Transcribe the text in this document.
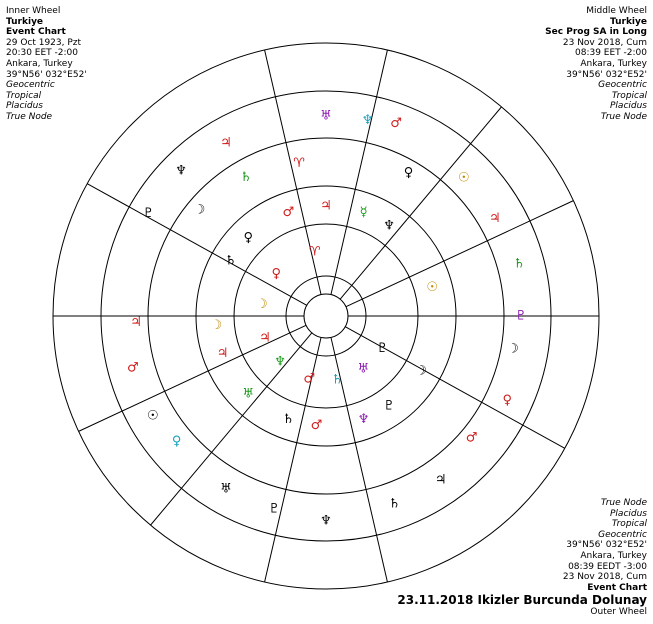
Inner Wheel
Turkiye
Event Chart
29 Oct 1923, Pzt
20:30 EET -2:00
Ankara, Turkey
39°N56' 032°E52'
Geocentric
Tropical
Placidus
True Node
Middle Wheel
Turkiye
Sec Prog SA in Long
23 Nov 2018, Cum
08:39 EET -2:00
Ankara, Turkey
39°N56' 032°E52'
Geocentric
Tropical
Placidus
True Node
True Node
Placidus
Tropical
Geocentric
39°N56' 032°E52'
Ankara, Turkey
08:39 EEDT -3:00
23 Nov 2018, Cum
Event Chart
23.11.2018 Ikizler Burcunda Dolunay
Outer Wheel
♃
♄
♆
☽
♇
♈
♅ ♆ ♂
♀	☉
♃
♄
♇
☽
♀
♂
♃
♄
♆
♇
♅
♀
☉
♂
♃
♄
♀
♂ ♃ ☿
♆
☉
☽
♃
♅
♄ ♂	♆
♇
☽
♈
♀
☽
♃
♆
♂ ♄
♅
♇
